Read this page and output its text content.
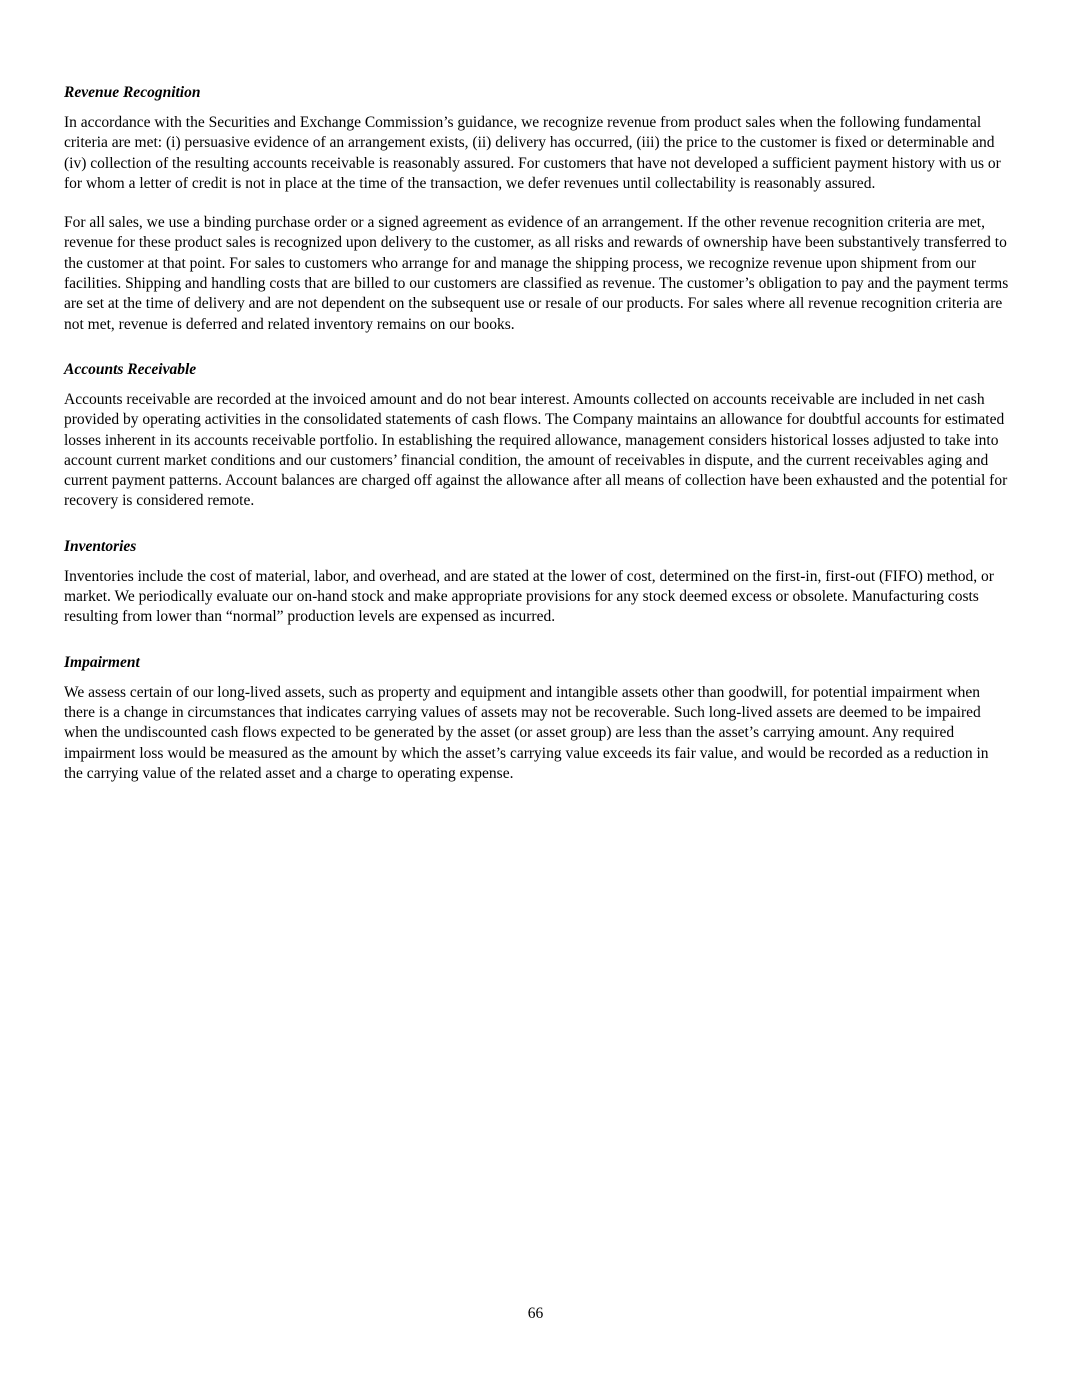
Revenue Recognition

In accordance with the Securities and Exchange Commission’s guidance, we recognize revenue from product sales when the following fundamental criteria are met: (i) persuasive evidence of an arrangement exists, (ii) delivery has occurred, (iii) the price to the customer is fixed or determinable and (iv) collection of the resulting accounts receivable is reasonably assured. For customers that have not developed a sufficient payment history with us or for whom a letter of credit is not in place at the time of the transaction, we defer revenues until collectability is reasonably assured.

For all sales, we use a binding purchase order or a signed agreement as evidence of an arrangement. If the other revenue recognition criteria are met, revenue for these product sales is recognized upon delivery to the customer, as all risks and rewards of ownership have been substantively transferred to the customer at that point. For sales to customers who arrange for and manage the shipping process, we recognize revenue upon shipment from our facilities. Shipping and handling costs that are billed to our customers are classified as revenue. The customer’s obligation to pay and the payment terms are set at the time of delivery and are not dependent on the subsequent use or resale of our products. For sales where all revenue recognition criteria are not met, revenue is deferred and related inventory remains on our books.

Accounts Receivable

Accounts receivable are recorded at the invoiced amount and do not bear interest. Amounts collected on accounts receivable are included in net cash provided by operating activities in the consolidated statements of cash flows. The Company maintains an allowance for doubtful accounts for estimated losses inherent in its accounts receivable portfolio. In establishing the required allowance, management considers historical losses adjusted to take into account current market conditions and our customers’ financial condition, the amount of receivables in dispute, and the current receivables aging and current payment patterns. Account balances are charged off against the allowance after all means of collection have been exhausted and the potential for recovery is considered remote.

Inventories

Inventories include the cost of material, labor, and overhead, and are stated at the lower of cost, determined on the first-in, first-out (FIFO) method, or market. We periodically evaluate our on-hand stock and make appropriate provisions for any stock deemed excess or obsolete. Manufacturing costs resulting from lower than “normal” production levels are expensed as incurred.

Impairment

We assess certain of our long-lived assets, such as property and equipment and intangible assets other than goodwill, for potential impairment when there is a change in circumstances that indicates carrying values of assets may not be recoverable. Such long-lived assets are deemed to be impaired when the undiscounted cash flows expected to be generated by the asset (or asset group) are less than the asset’s carrying amount. Any required impairment loss would be measured as the amount by which the asset’s carrying value exceeds its fair value, and would be recorded as a reduction in the carrying value of the related asset and a charge to operating expense.

66
